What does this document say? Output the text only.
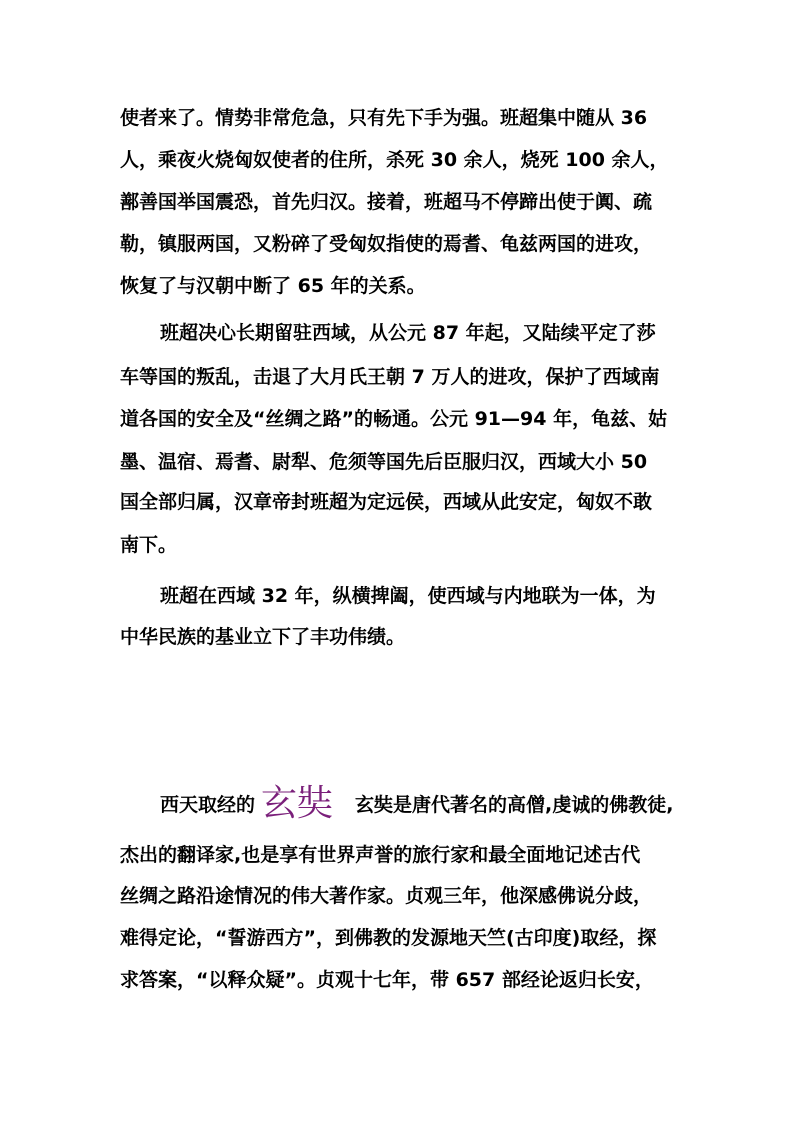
使者来了。情势非常危急，只有先下手为强。班超集中随从 36
人，乘夜火烧匈奴使者的住所，杀死 30 余人，烧死 100 余人，
鄯善国举国震恐，首先归汉。接着，班超马不停蹄出使于阗、疏
勒，镇服两国，又粉碎了受匈奴指使的焉耆、龟兹两国的进攻，
恢复了与汉朝中断了 65 年的关系。
班超决心长期留驻西域，从公元 87 年起，又陆续平定了莎
车等国的叛乱，击退了大月氏王朝 7 万人的进攻，保护了西域南
道各国的安全及“丝绸之路”的畅通。公元 91—94 年，龟兹、姑
墨、温宿、焉耆、尉犁、危须等国先后臣服归汉，西域大小 50
国全部归属，汉章帝封班超为定远侯，西域从此安定，匈奴不敢
南下。
班超在西域 32 年，纵横捭阖，使西域与内地联为一体，为
中华民族的基业立下了丰功伟绩。
西天取经的 玄奘 玄奘是唐代著名的高僧,虔诚的佛教徒,
杰出的翻译家,也是享有世界声誉的旅行家和最全面地记述古代
丝绸之路沿途情况的伟大著作家。贞观三年，他深感佛说分歧，
难得定论，“誓游西方”，到佛教的发源地天竺(古印度)取经，探
求答案，“以释众疑”。贞观十七年，带 657 部经论返归长安，
